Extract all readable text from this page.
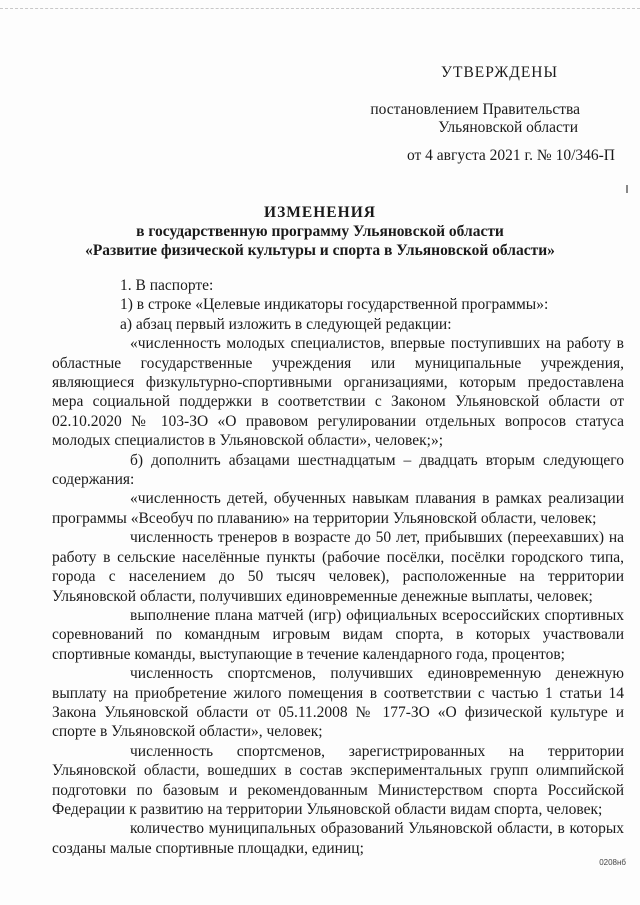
УТВЕРЖДЕНЫ
постановлением Правительства
Ульяновской области
от 4 августа 2021 г. № 10/346-П
ИЗМЕНЕНИЯ
в государственную программу Ульяновской области
«Развитие физической культуры и спорта в Ульяновской области»

1. В паспорте:

1) в строке «Целевые индикаторы государственной программы»:

а) абзац первый изложить в следующей редакции:

«численность молодых специалистов, впервые поступивших на работу в областные государственные учреждения или муниципальные учреждения, являющиеся физкультурно-спортивными организациями, которым предоставлена мера социальной поддержки в соответствии с Законом Ульяновской области от 02.10.2020 № 103-ЗО «О правовом регулировании отдельных вопросов статуса молодых специалистов в Ульяновской области», человек;»;

б) дополнить абзацами шестнадцатым – двадцать вторым следующего содержания:

«численность детей, обученных навыкам плавания в рамках реализации программы «Всеобуч по плаванию» на территории Ульяновской области, человек;

численность тренеров в возрасте до 50 лет, прибывших (переехавших) на работу в сельские населённые пункты (рабочие посёлки, посёлки городского типа, города с населением до 50 тысяч человек), расположенные на территории Ульяновской области, получивших единовременные денежные выплаты, человек;

выполнение плана матчей (игр) официальных всероссийских спортивных соревнований по командным игровым видам спорта, в которых участвовали спортивные команды, выступающие в течение календарного года, процентов;

численность спортсменов, получивших единовременную денежную выплату на приобретение жилого помещения в соответствии с частью 1 статьи 14 Закона Ульяновской области от 05.11.2008 № 177-ЗО «О физической культуре и спорте в Ульяновской области», человек;

численность спортсменов, зарегистрированных на территории Ульяновской области, вошедших в состав экспериментальных групп олимпийской подготовки по базовым и рекомендованным Министерством спорта Российской Федерации к развитию на территории Ульяновской области видам спорта, человек;

количество муниципальных образований Ульяновской области, в которых созданы малые спортивные площадки, единиц;

0208нб
